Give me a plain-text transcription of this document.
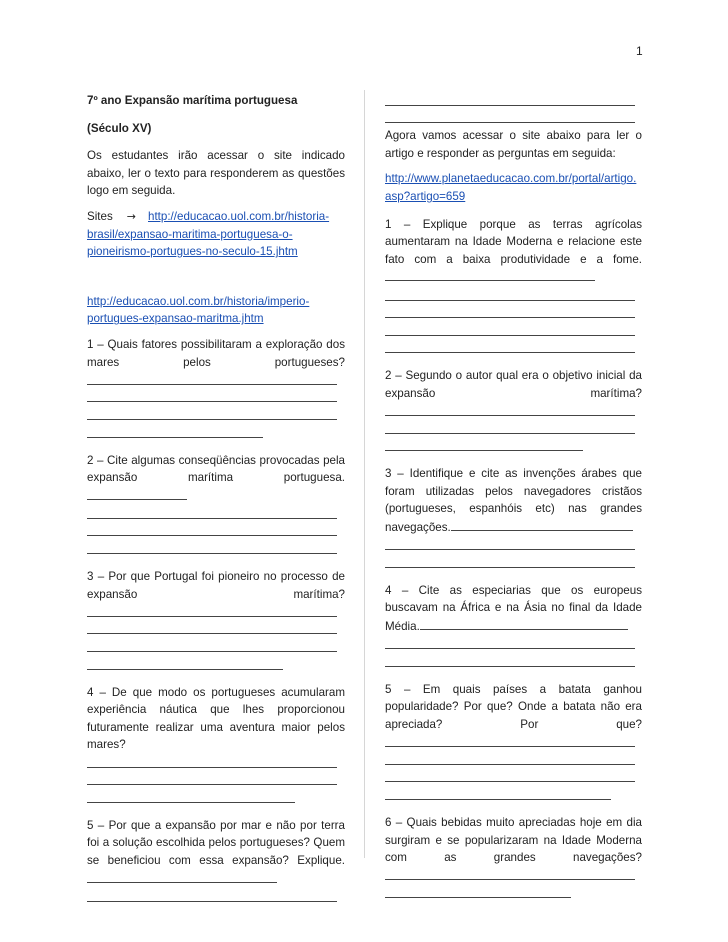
1

7º ano Expansão marítima portuguesa

(Século XV)

Os estudantes irão acessar o site indicado abaixo, ler o texto para responderem as questões logo em seguida.

Sites → http://educacao.uol.com.br/historia-brasil/expansao-maritima-portuguesa-o-pioneirismo-portugues-no-seculo-15.jhtm

http://educacao.uol.com.br/historia/imperio-portugues-expansao-maritma.jhtm

1 – Quais fatores possibilitaram a exploração dos mares pelos portugueses?

2 – Cite algumas conseqüências provocadas pela expansão marítima portuguesa.

3 – Por que Portugal foi pioneiro no processo de expansão marítima?

4 – De que modo os portugueses acumularam experiência náutica que lhes proporcionou futuramente realizar uma aventura maior pelos mares?

5 – Por que a expansão por mar e não por terra foi a solução escolhida pelos portugueses? Quem se beneficiou com essa expansão? Explique.

Agora vamos acessar o site abaixo para ler o artigo e responder as perguntas em seguida:

http://www.planetaeducacao.com.br/portal/artigo.asp?artigo=659

1 – Explique porque as terras agrícolas aumentaram na Idade Moderna e relacione este fato com a baixa produtividade e a fome.

2 – Segundo o autor qual era o objetivo inicial da expansão marítima?

3 – Identifique e cite as invenções árabes que foram utilizadas pelos navegadores cristãos (portugueses, espanhóis etc) nas grandes navegações.

4 – Cite as especiarias que os europeus buscavam na África e na Ásia no final da Idade Média.

5 – Em quais países a batata ganhou popularidade? Por que? Onde a batata não era apreciada? Por que?

6 – Quais bebidas muito apreciadas hoje em dia surgiram e se popularizaram na Idade Moderna com as grandes navegações?
